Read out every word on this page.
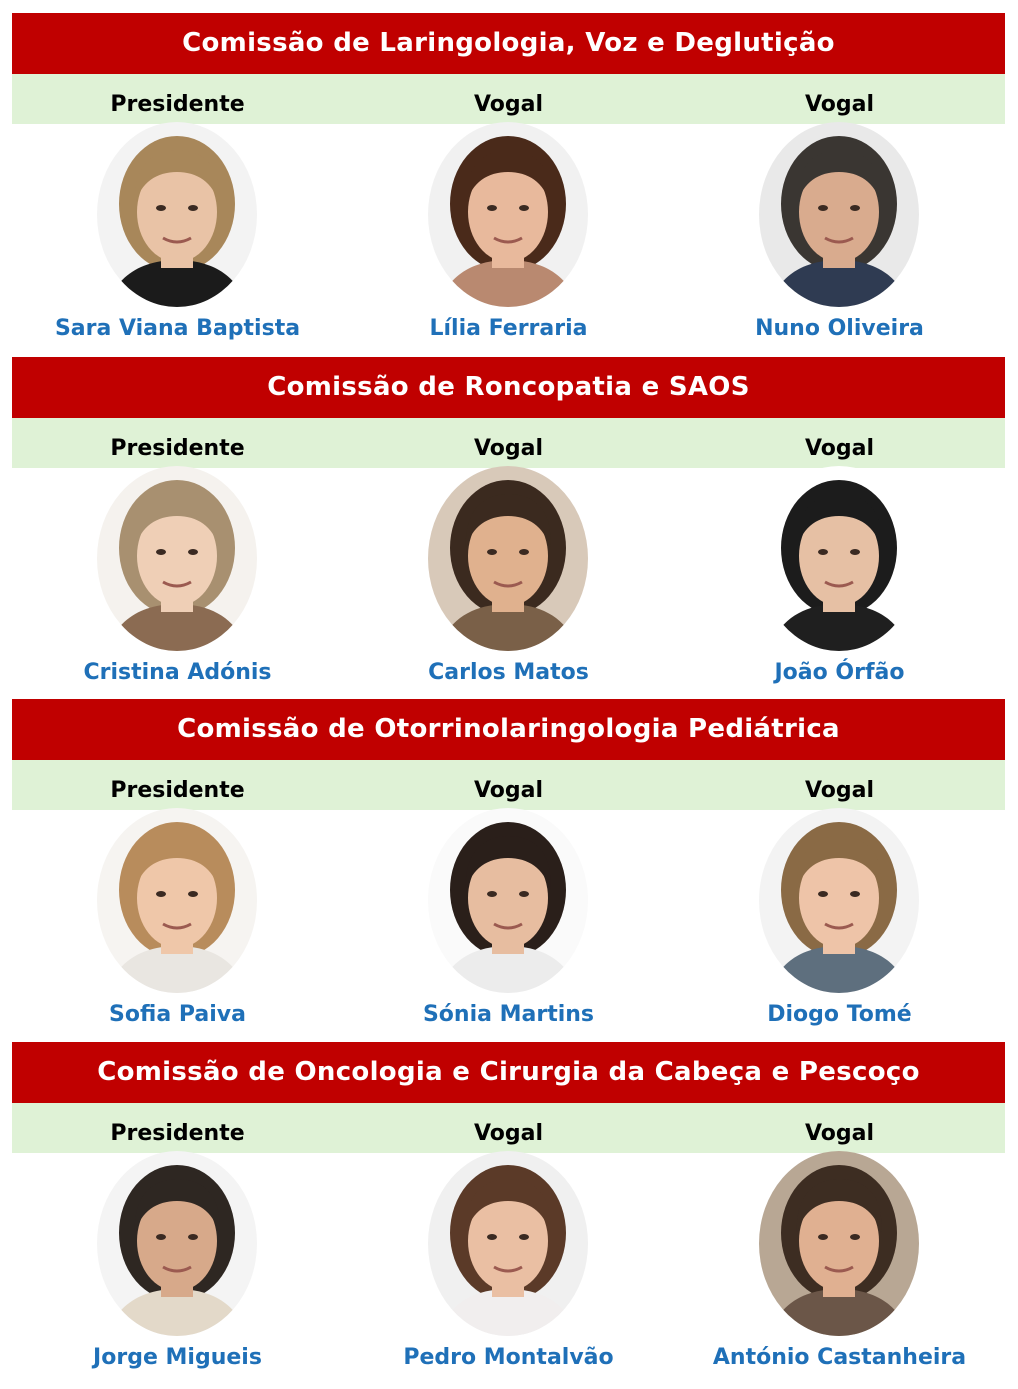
Comissão de Laringologia, Voz e Deglutição
Presidente
Sara Viana Baptista
Vogal
Lília Ferraria
Vogal
Nuno Oliveira
Comissão de Roncopatia e SAOS
Presidente
Cristina Adónis
Vogal
Carlos Matos
Vogal
João Órfão
Comissão de Otorrinolaringologia Pediátrica
Presidente
Sofia Paiva
Vogal
Sónia Martins
Vogal
Diogo Tomé
Comissão de Oncologia e Cirurgia da Cabeça e Pescoço
Presidente
Jorge Migueis
Vogal
Pedro Montalvão
Vogal
António Castanheira
